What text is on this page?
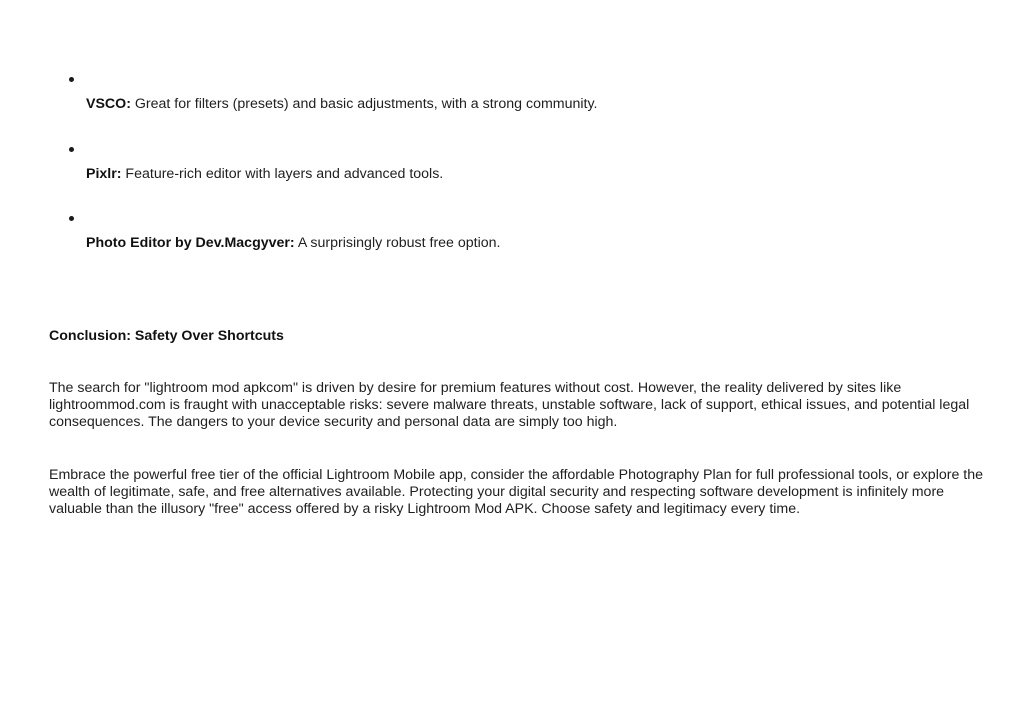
VSCO: Great for filters (presets) and basic adjustments, with a strong community.
Pixlr: Feature-rich editor with layers and advanced tools.
Photo Editor by Dev.Macgyver: A surprisingly robust free option.
Conclusion: Safety Over Shortcuts

The search for "lightroom mod apkcom" is driven by desire for premium features without cost. However, the reality delivered by sites like lightroommod.com is fraught with unacceptable risks: severe malware threats, unstable software, lack of support, ethical issues, and potential legal consequences. The dangers to your device security and personal data are simply too high.

Embrace the powerful free tier of the official Lightroom Mobile app, consider the affordable Photography Plan for full professional tools, or explore the wealth of legitimate, safe, and free alternatives available. Protecting your digital security and respecting software development is infinitely more valuable than the illusory "free" access offered by a risky Lightroom Mod APK. Choose safety and legitimacy every time.
